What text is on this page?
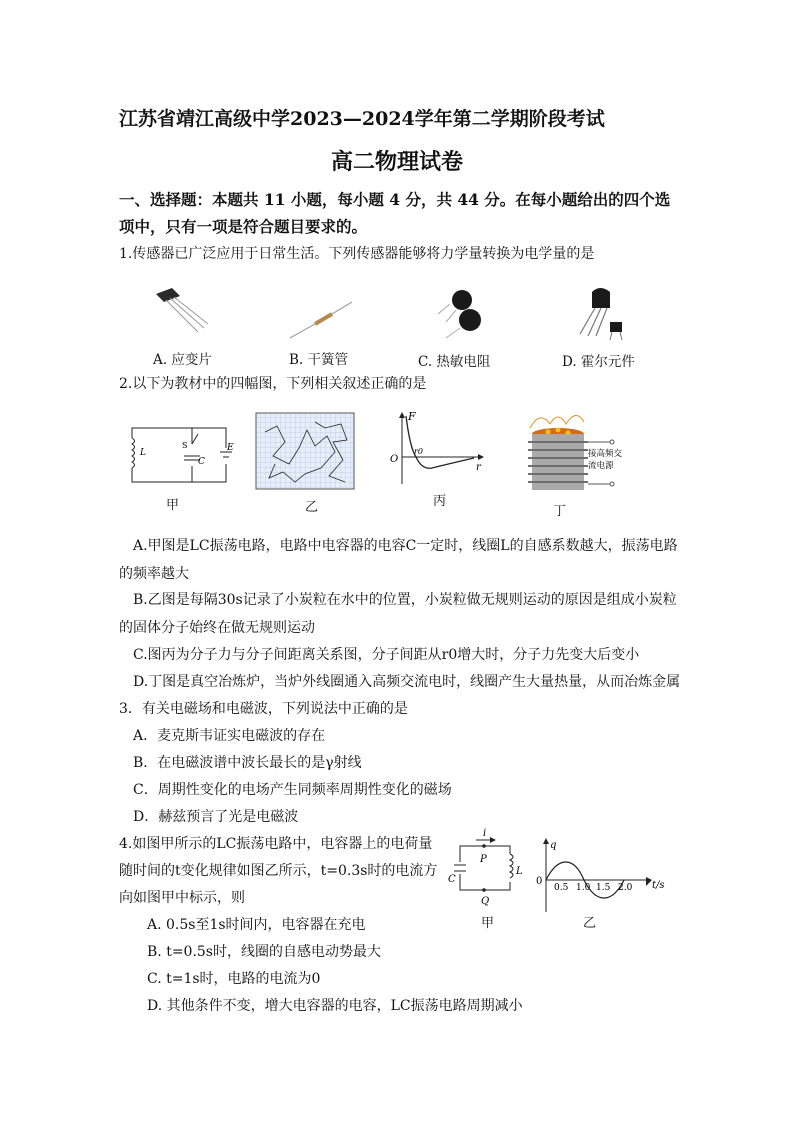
江苏省靖江高级中学2023—2024学年第二学期阶段考试
高二物理试卷
一、选择题：本题共 11 小题，每小题 4 分，共 44 分。在每小题给出的四个选项中，只有一项是符合题目要求的。
1.传感器已广泛应用于日常生活。下列传感器能够将力学量转换为电学量的是
A. 应变片	B. 干簧管	C. 热敏电阻	D. 霍尔元件
2.以下为教材中的四幅图，下列相关叙述正确的是
L
S
C
E
F
O
r0
r
接高频交
流电源
甲	乙	丙
丁
A.甲图是LC振荡电路，电路中电容器的电容C一定时，线圈L的自感系数越大，振荡电路的频率越大
B.乙图是每隔30s记录了小炭粒在水中的位置，小炭粒做无规则运动的原因是组成小炭粒的固体分子始终在做无规则运动
C.图丙为分子力与分子间距离关系图，分子间距从r0增大时，分子力先变大后变小
D.丁图是真空冶炼炉，当炉外线圈通入高频交流电时，线圈产生大量热量，从而冶炼金属
3．有关电磁场和电磁波，下列说法中正确的是
A．麦克斯韦证实电磁波的存在
B．在电磁波谱中波长最长的是γ射线
C．周期性变化的电场产生同频率周期性变化的磁场
D．赫兹预言了光是电磁波
4.如图甲所示的LC振荡电路中，电容器上的电荷量
随时间的t变化规律如图乙所示，t=0.3s时的电流方
向如图甲中标示，则
i
P
Q
C
L
q
0
0.5 1.0 1.5 2.0 t/s
甲	乙
A. 0.5s至1s时间内，电容器在充电
B. t=0.5s时，线圈的自感电动势最大
C. t=1s时，电路的电流为0
D. 其他条件不变，增大电容器的电容，LC振荡电路周期减小
